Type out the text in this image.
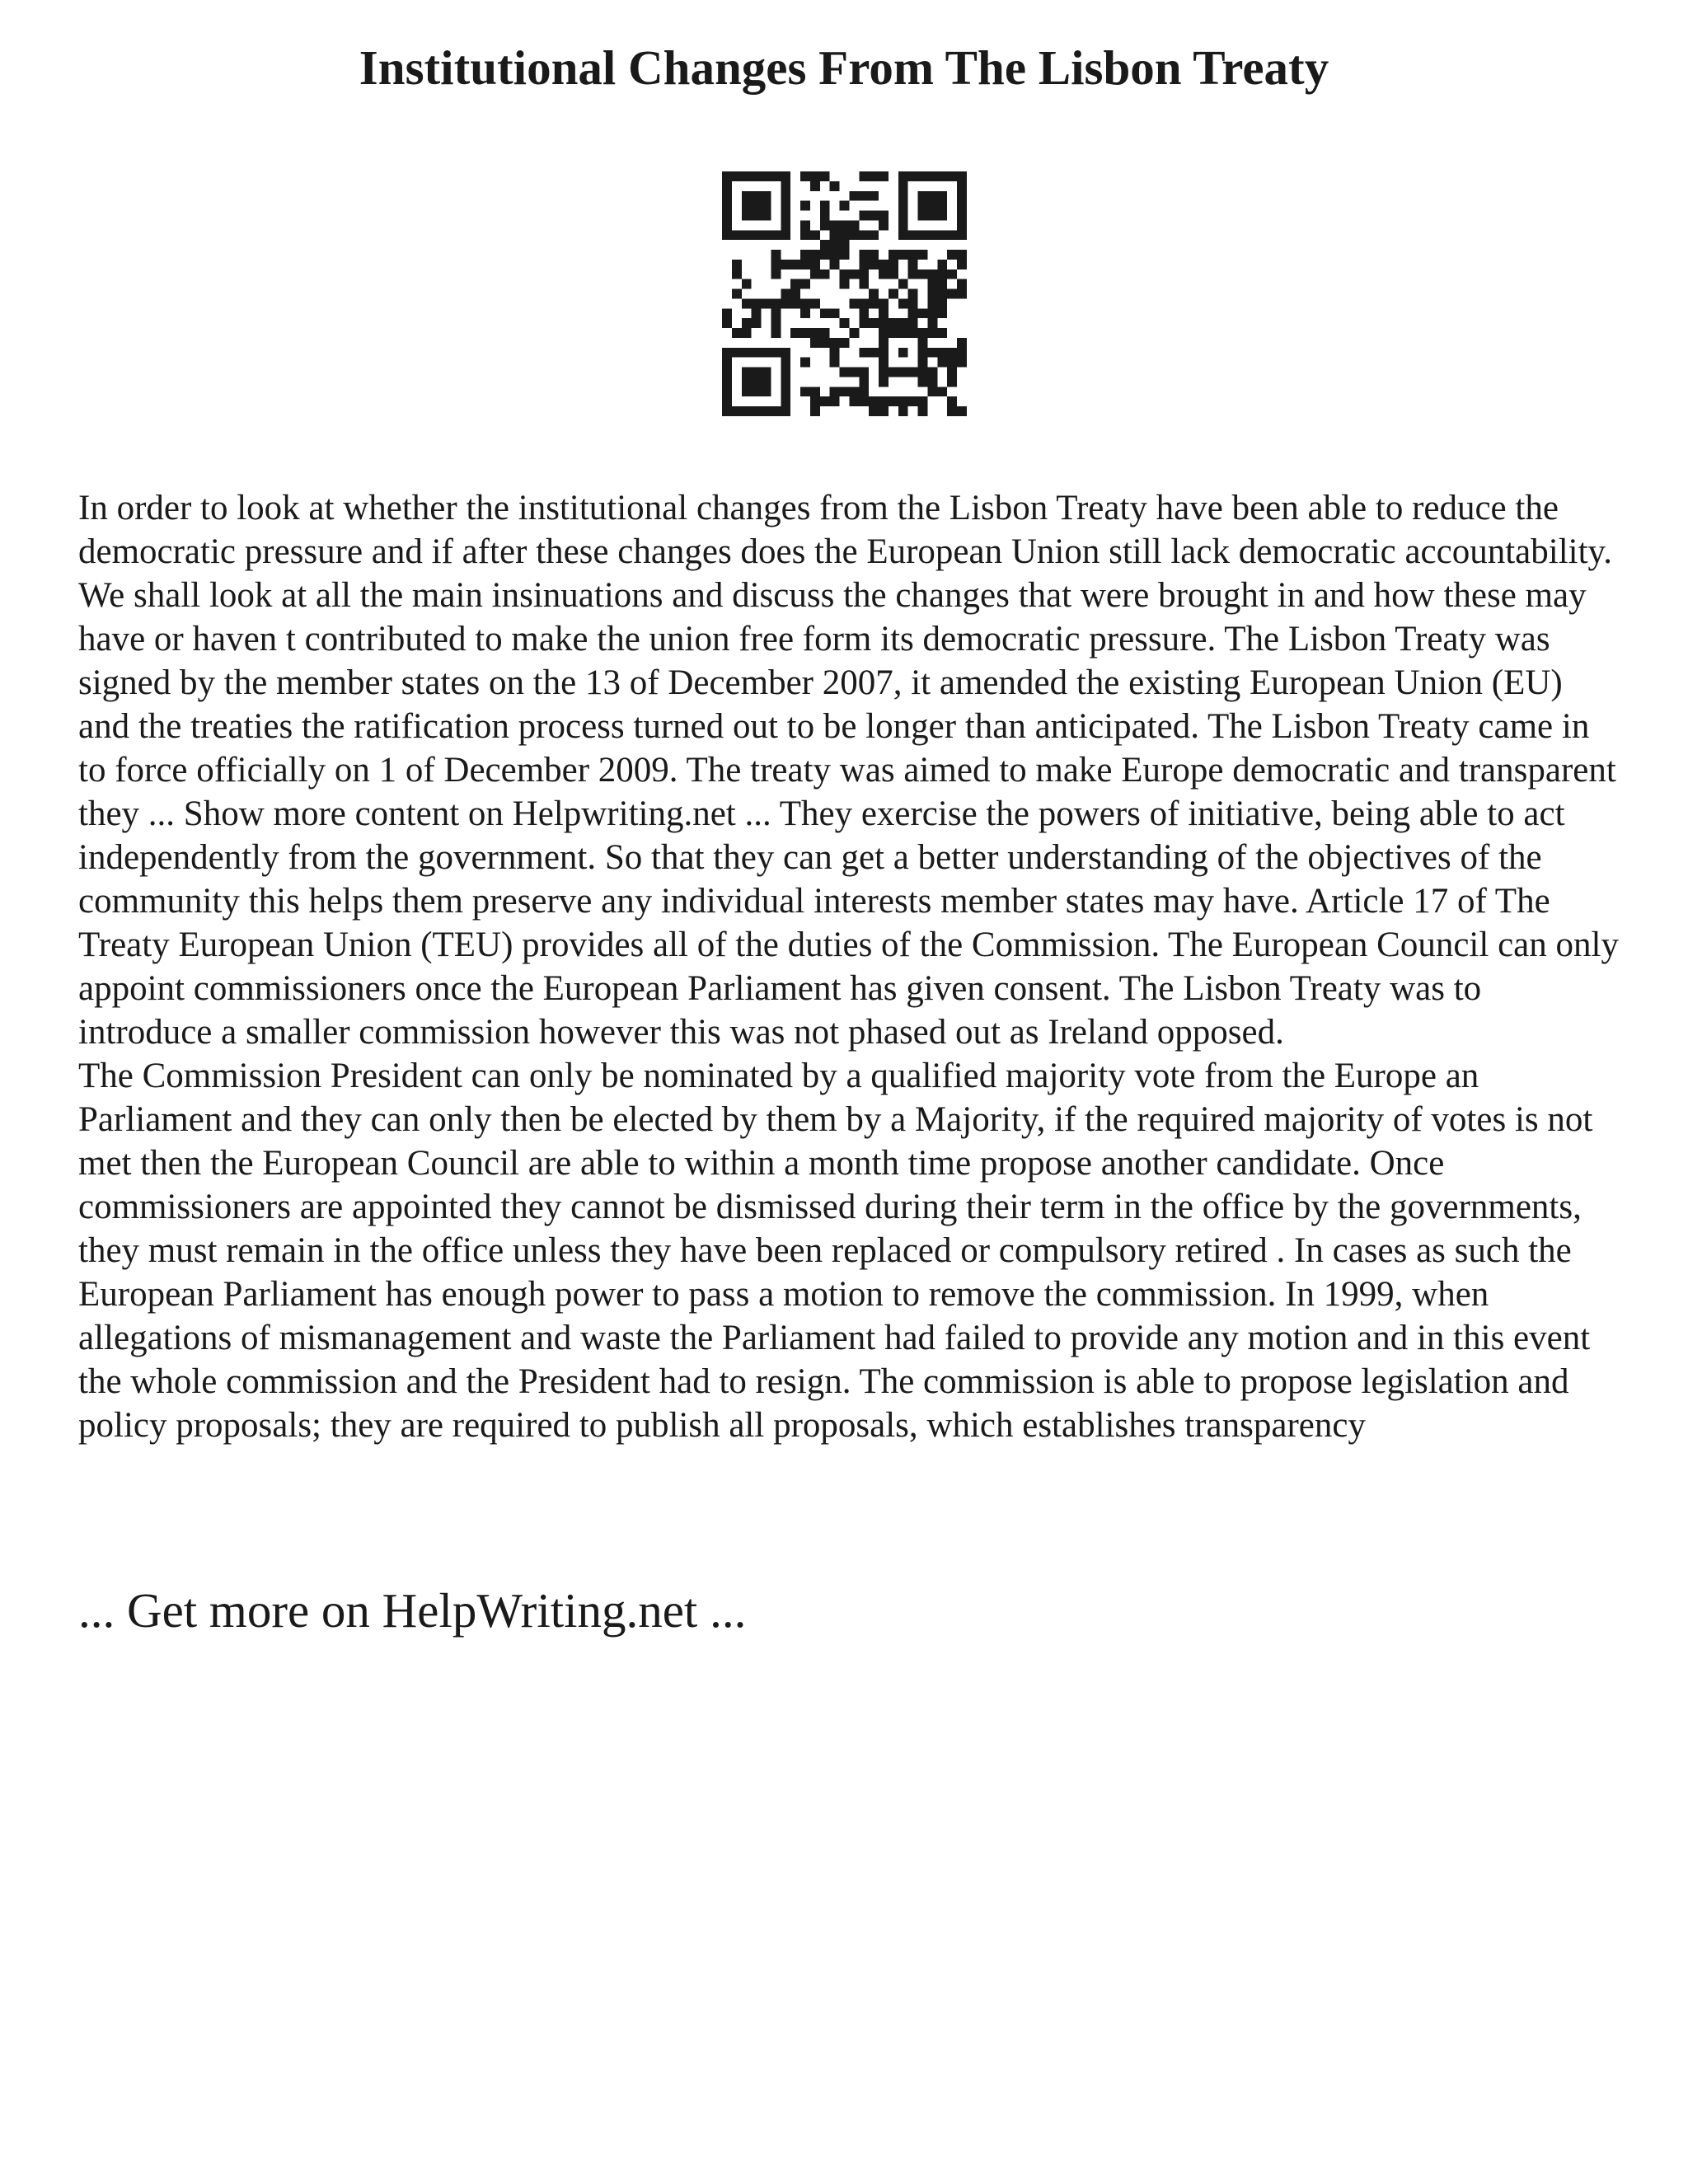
Institutional Changes From The Lisbon Treaty

In order to look at whether the institutional changes from the Lisbon Treaty have been able to reduce the democratic pressure and if after these changes does the European Union still lack democratic accountability. We shall look at all the main insinuations and discuss the changes that were brought in and how these may have or haven t contributed to make the union free form its democratic pressure. The Lisbon Treaty was signed by the member states on the 13 of December 2007, it amended the existing European Union (EU) and the treaties the ratification process turned out to be longer than anticipated. The Lisbon Treaty came in to force officially on 1 of December 2009. The treaty was aimed to make Europe democratic and transparent they ... Show more content on Helpwriting.net ... They exercise the powers of initiative, being able to act independently from the government. So that they can get a better understanding of the objectives of the community this helps them preserve any individual interests member states may have. Article 17 of The Treaty European Union (TEU) provides all of the duties of the Commission. The European Council can only appoint commissioners once the European Parliament has given consent. The Lisbon Treaty was to introduce a smaller commission however this was not phased out as Ireland opposed.

The Commission President can only be nominated by a qualified majority vote from the Europe an Parliament and they can only then be elected by them by a Majority, if the required majority of votes is not met then the European Council are able to within a month time propose another candidate. Once commissioners are appointed they cannot be dismissed during their term in the office by the governments, they must remain in the office unless they have been replaced or compulsory retired . In cases as such the European Parliament has enough power to pass a motion to remove the commission. In 1999, when allegations of mismanagement and waste the Parliament had failed to provide any motion and in this event the whole commission and the President had to resign. The commission is able to propose legislation and policy proposals; they are required to publish all proposals, which establishes transparency

... Get more on HelpWriting.net ...
